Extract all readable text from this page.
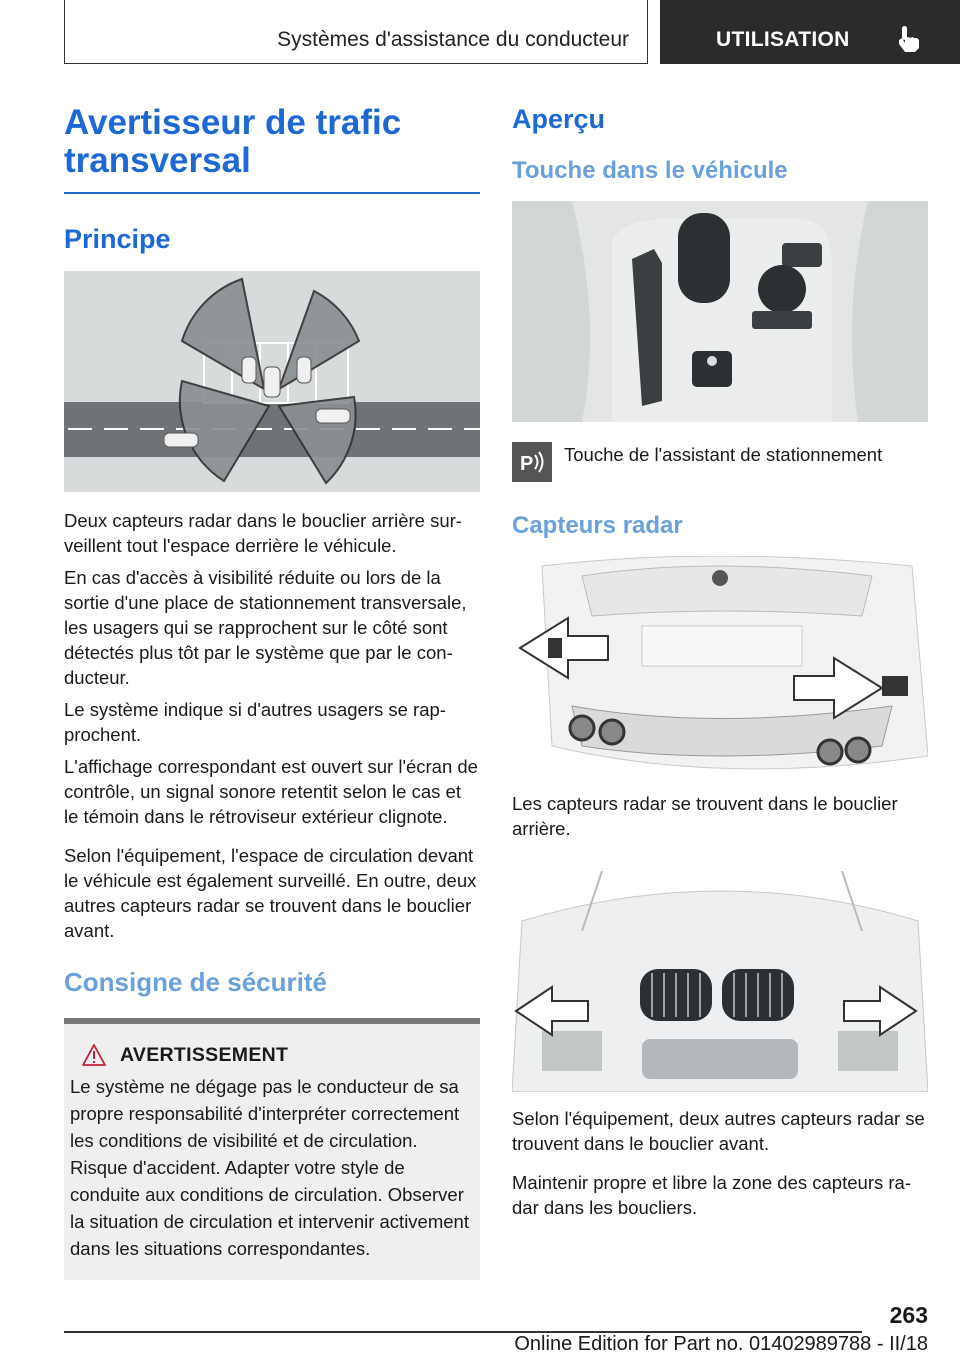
Systèmes d'assistance du conducteur	UTILISATION
Avertisseur de trafic transversal
Principe

Deux capteurs radar dans le bouclier arrière surveillent tout l'espace derrière le véhicule.

En cas d'accès à visibilité réduite ou lors de la sortie d'une place de stationnement transversale, les usagers qui se rapprochent sur le côté sont détectés plus tôt par le système que par le conducteur.

Le système indique si d'autres usagers se rapprochent.

L'affichage correspondant est ouvert sur l'écran de contrôle, un signal sonore retentit selon le cas et le témoin dans le rétroviseur extérieur clignote.

Selon l'équipement, l'espace de circulation devant le véhicule est également surveillé. En outre, deux autres capteurs radar se trouvent dans le bouclier avant.

Consigne de sécurité
AVERTISSEMENT

Le système ne dégage pas le conducteur de sa propre responsabilité d'interpréter correctement les conditions de visibilité et de circulation. Risque d'accident. Adapter votre style de conduite aux conditions de circulation. Observer la situation de circulation et intervenir activement dans les situations correspondantes.

Aperçu
Touche dans le véhicule
P Touche de l'assistant de stationnement

Capteurs radar

Les capteurs radar se trouvent dans le bouclier arrière.

Selon l'équipement, deux autres capteurs radar se trouvent dans le bouclier avant.

Maintenir propre et libre la zone des capteurs radar dans les boucliers.

263
Online Edition for Part no. 01402989788 - II/18
